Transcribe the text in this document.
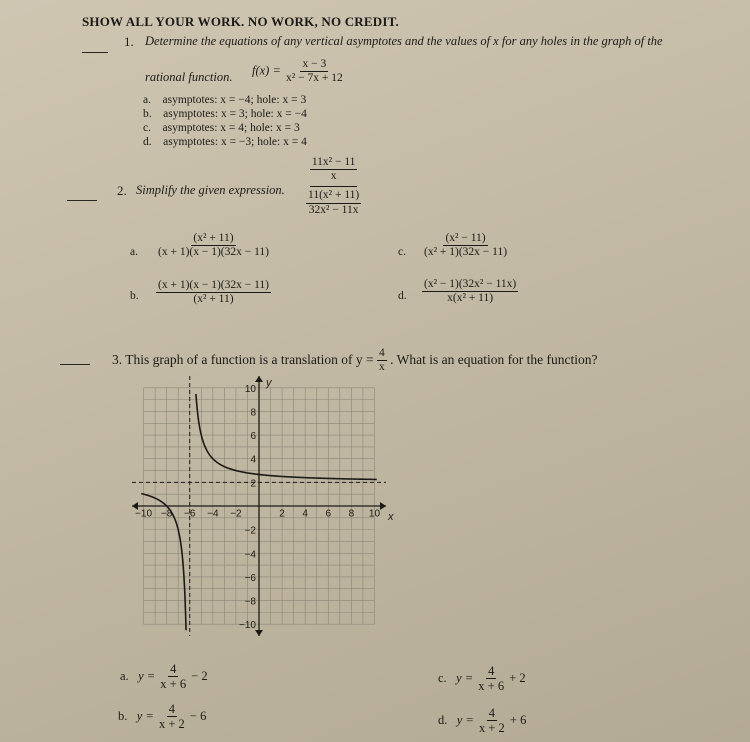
SHOW ALL YOUR WORK. NO WORK, NO CREDIT.
1. Determine the equations of any vertical asymptotes and the values of x for any holes in the graph of the
rational function. $f(x) = \frac{x - 3}{\text{x² − 7x + 12}}$
a. asymptotes: x = −4; hole: x = 3
b. asymptotes: x = 3; hole: x = −4
c. asymptotes: x = 4; hole: x = 3
d. asymptotes: x = −3; hole: x = 4
2. Simplify the given expression. $\frac{\frac{\text{11x² − 11}}{x}}{\frac{\text{11(x² + 11)}}{\text{32x² − 11x}}}$
a. $\frac{\text{(x² + 11)}}{(x + 1)(x - 1)(32x - 11)}$
b. $\frac{(x + 1)(x - 1)(32x - 11)}{\text{(x² + 11)}}$
c. $\frac{\text{(x² − 11)}}{\text{(x² + 1)(32x − 11)}}$
d. $\frac{\text{(x² − 1)(32x² − 11x)}}{\text{x(x² + 11)}}$
3. This graph of a function is a translation of $y = \frac{4}{x}$ . What is an equation for the function?
−10 −8 −6 −4 −2	2 4 6 8 10
10
8
6
4
2
−2
−4
−6
−8
−10
x
y
a. $y = \frac{4}{x + 6} - 2$
b. $y = \frac{4}{x + 2} - 6$
c. $y = \frac{4}{x + 6} + 2$
d. $y = \frac{4}{x + 2} + 6$
